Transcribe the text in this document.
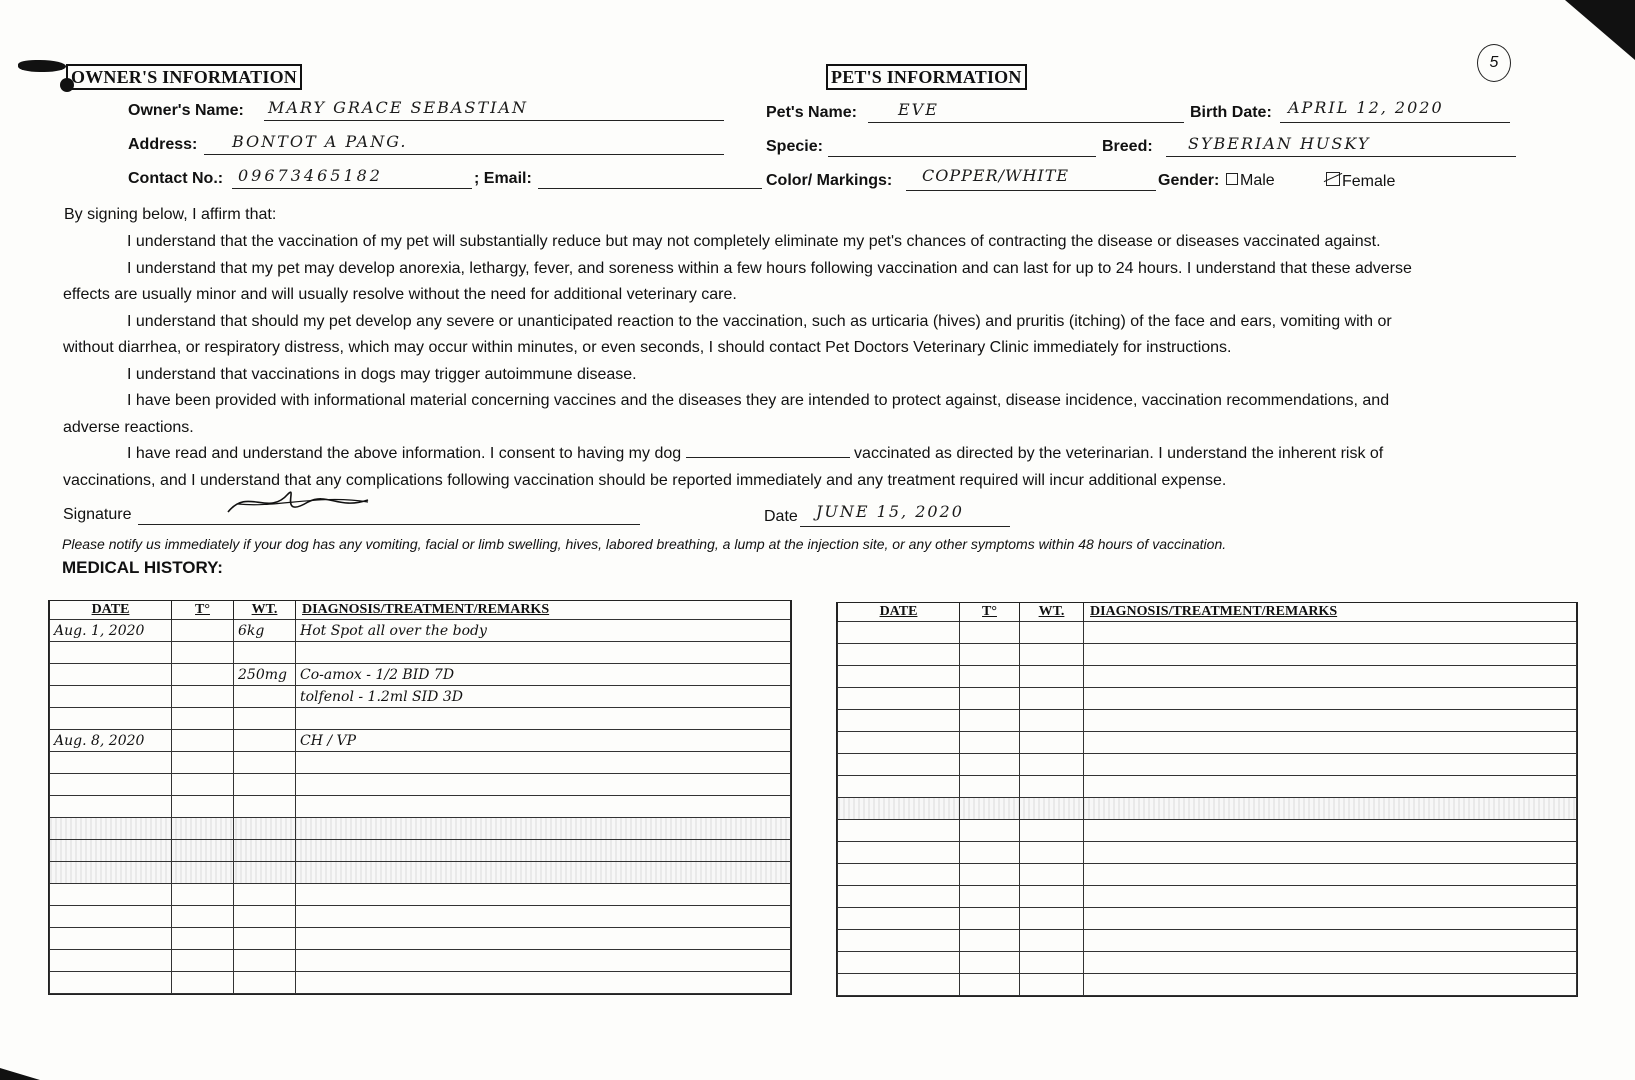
OWNER'S INFORMATION
Owner's Name: MARY GRACE SEBASTIAN
Address: BONTOT A PANG.
Contact No.: 09673465182	; Email:
PET'S INFORMATION
5
Pet's Name:	EVE	Birth Date: APRIL 12, 2020
Specie:	Breed: SYBERIAN HUSKY
Color/ Markings: COPPER/WHITE	Gender:	Male	Female
By signing below, I affirm that:
I understand that the vaccination of my pet will substantially reduce but may not completely eliminate my pet's chances of contracting the disease or diseases vaccinated against.
I understand that my pet may develop anorexia, lethargy, fever, and soreness within a few hours following vaccination and can last for up to 24 hours. I understand that these adverse
effects are usually minor and will usually resolve without the need for additional veterinary care.
I understand that should my pet develop any severe or unanticipated reaction to the vaccination, such as urticaria (hives) and pruritis (itching) of the face and ears, vomiting with or
without diarrhea, or respiratory distress, which may occur within minutes, or even seconds, I should contact Pet Doctors Veterinary Clinic immediately for instructions.
I understand that vaccinations in dogs may trigger autoimmune disease.
I have been provided with informational material concerning vaccines and the diseases they are intended to protect against, disease incidence, vaccination recommendations, and
adverse reactions.
I have read and understand the above information. I consent to having my dog	vaccinated as directed by the veterinarian. I understand the inherent risk of
vaccinations, and I understand that any complications following vaccination should be reported immediately and any treatment required will incur additional expense.
Signature	Date JUNE 15, 2020
Please notify us immediately if your dog has any vomiting, facial or limb swelling, hives, labored breathing, a lump at the injection site, or any other symptoms within 48 hours of vaccination.
MEDICAL HISTORY:
DATE	T°	WT.	DIAGNOSIS/TREATMENT/REMARKS
Aug. 1, 2020		6kg	Hot Spot all over the body

		250mg	Co-amox - 1/2 BID 7D
			tolfenol - 1.2ml SID 3D

Aug. 8, 2020			CH / VP

DATE	T°	WT.	DIAGNOSIS/TREATMENT/REMARKS
